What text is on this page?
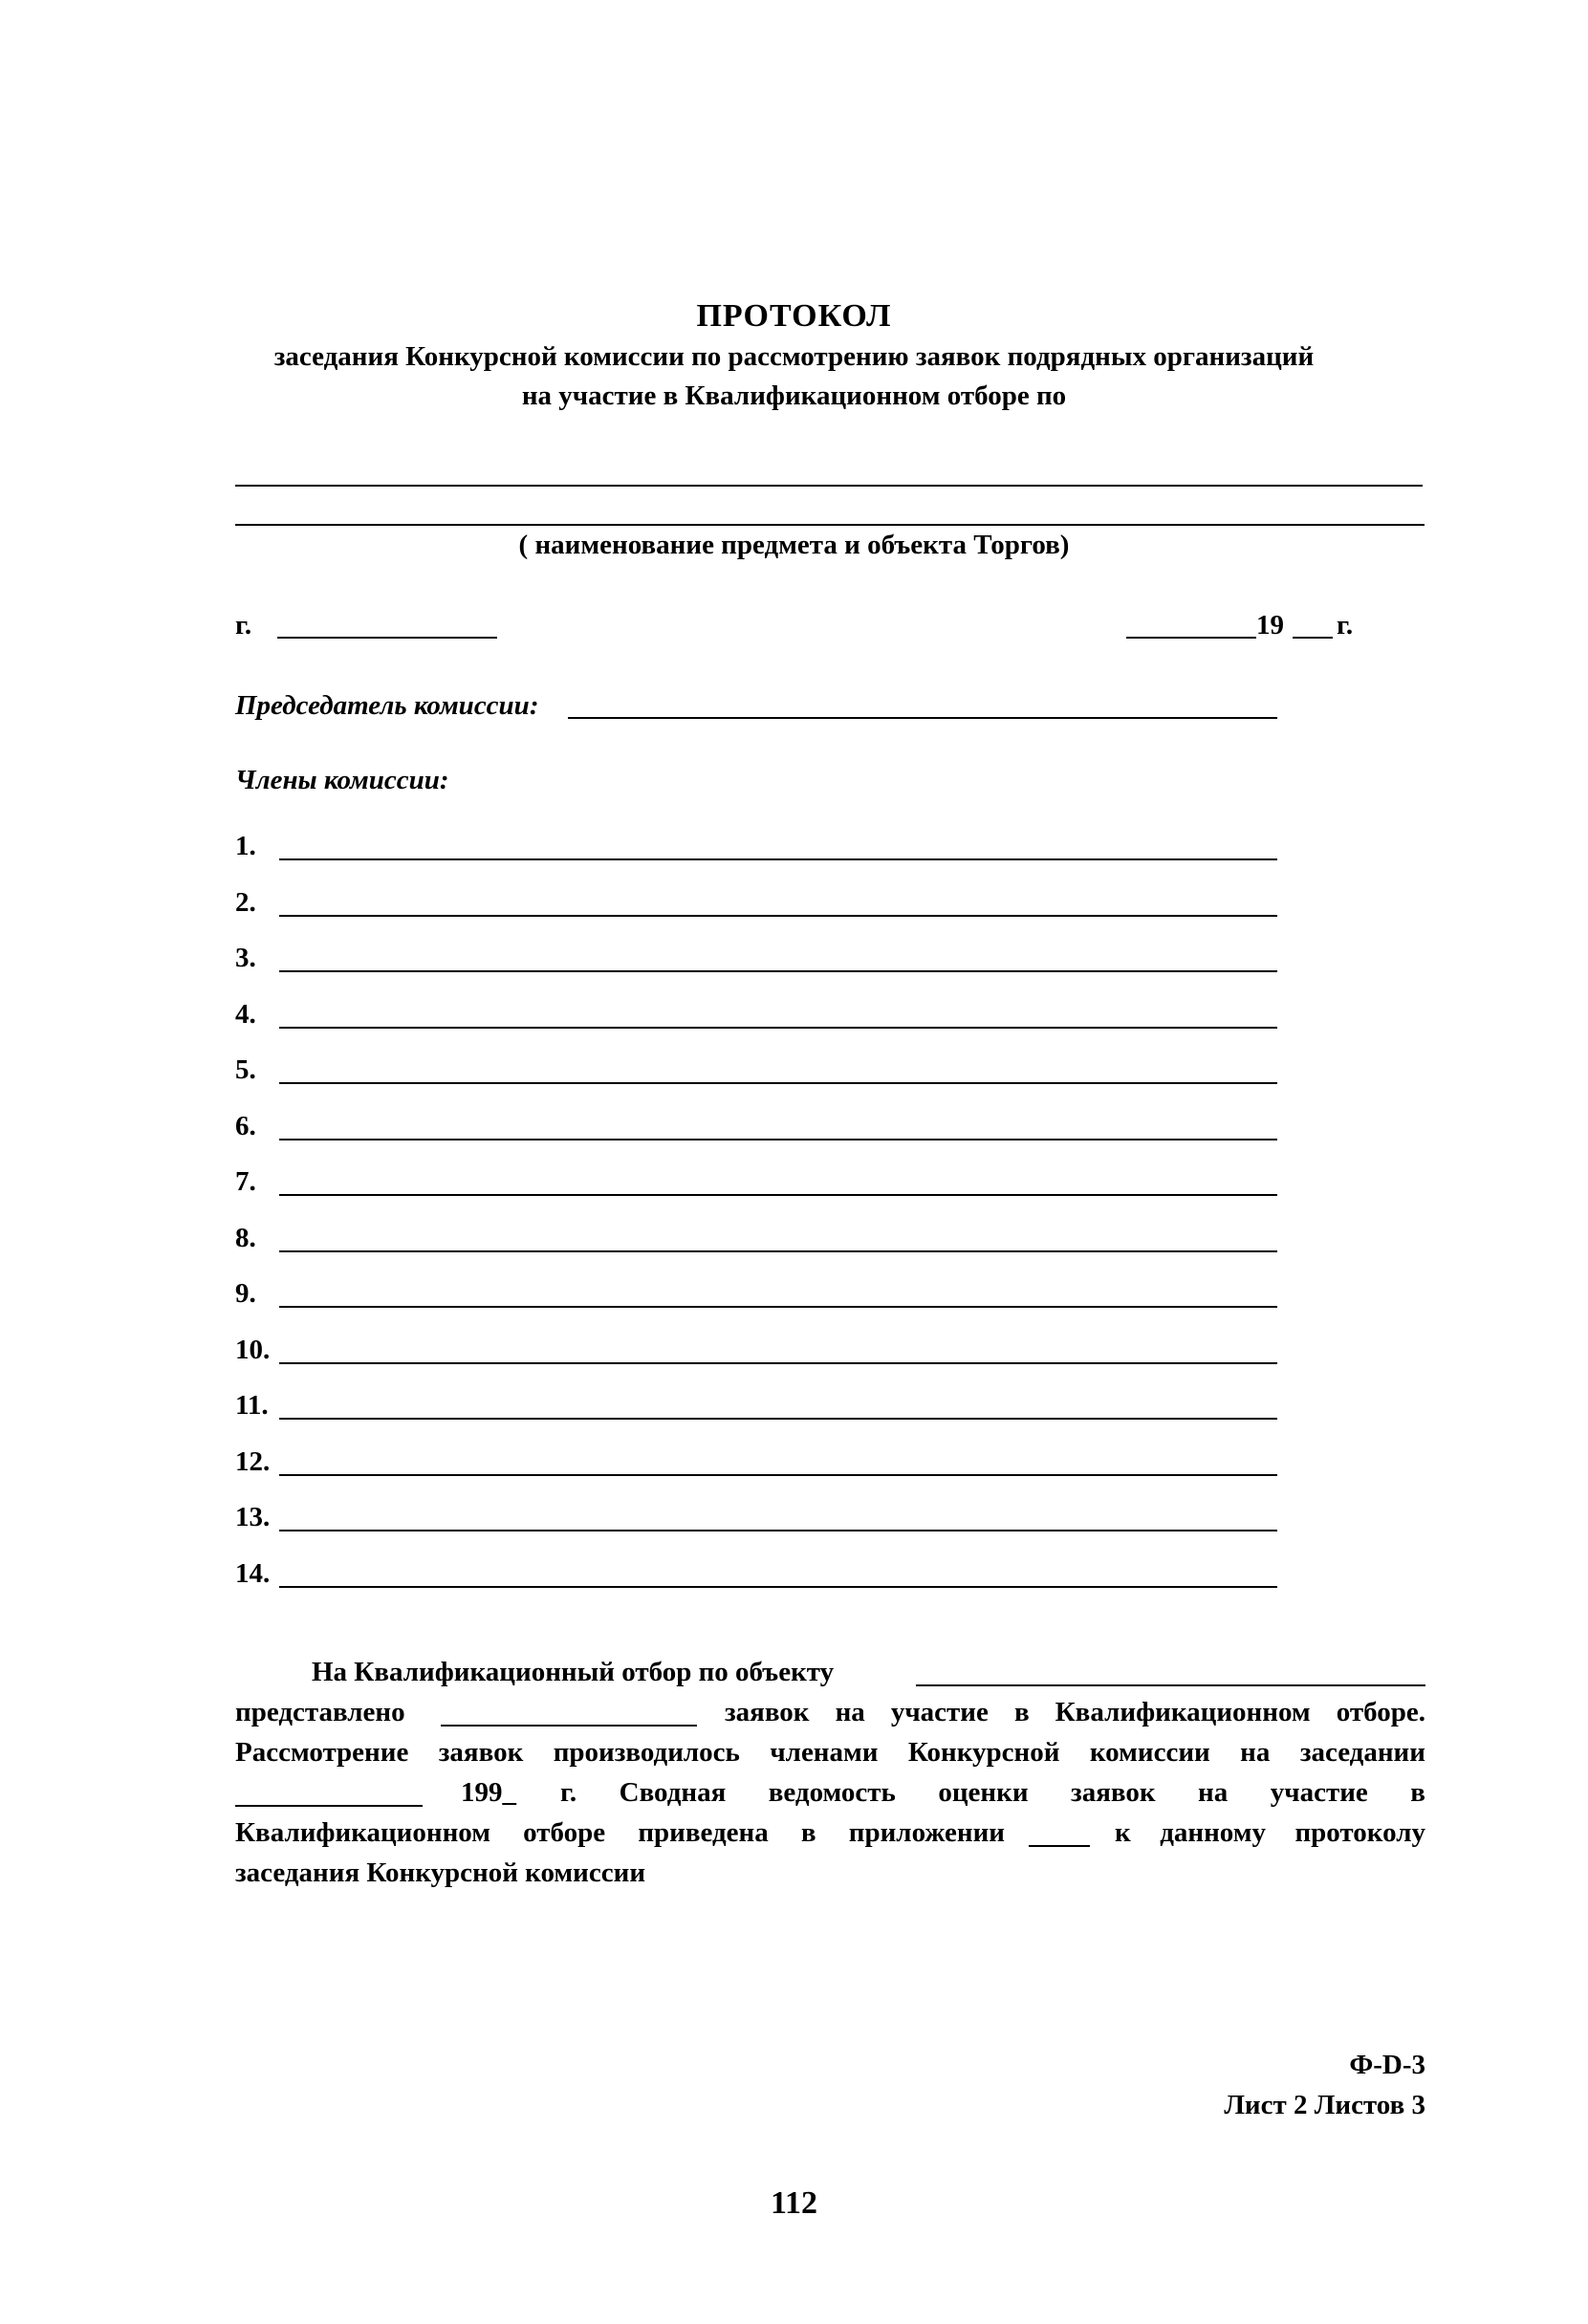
ПРОТОКОЛ
заседания Конкурсной комиссии по рассмотрению заявок подрядных организаций
на участие в Квалификационном отборе по
( наименование предмета и объекта Торгов)
г.	19 г.
Председатель комиссии:
Члены комиссии:
1.
2.
3.
4.
5.
6.
7.
8.
9.
10.
11.
12.
13.
14.
На Квалификационный отбор по объекту
представлено	заявок на участие в Квалификационном отборе.
Рассмотрение заявок производилось членами Конкурсной комиссии на заседании
199_ г. Сводная ведомость оценки заявок на участие в
Квалификационном отборе приведена в приложении	к данному протоколу
заседания Конкурсной комиссии
Ф-D-3
Лист 2 Листов 3
112
